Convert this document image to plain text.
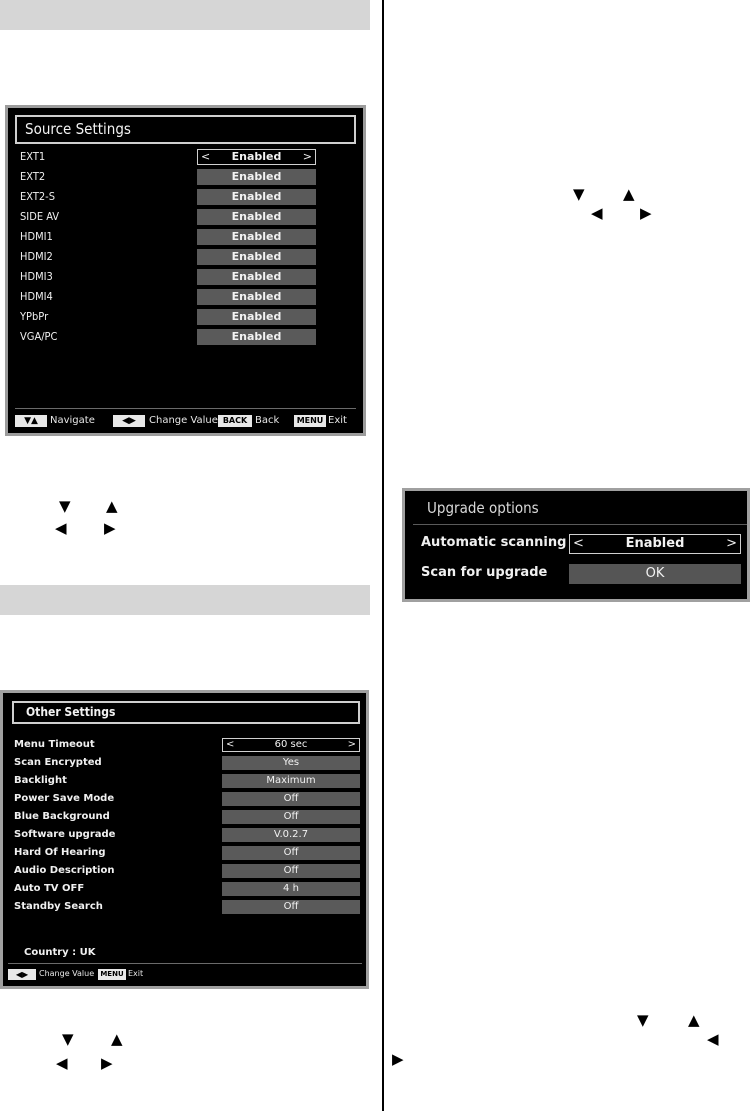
Source Settings
EXT1	< Enabled >
EXT2	Enabled
EXT2-S	Enabled
SIDE AV	Enabled
HDMI1	Enabled
HDMI2	Enabled
HDMI3	Enabled
HDMI4	Enabled
YPbPr	Enabled
VGA/PC	Enabled
▼▲	Navigate	◀▶	Change Value BACK Back	MENU Exit
▼ ▲
◀ ▶
▼	▲
◀ ▶
Upgrade options
Automatic scanning <	Enabled	>
Scan for upgrade	OK
Other Settings
Menu Timeout	<	60 sec	>
Scan Encrypted	Yes
Backlight	Maximum
Power Save Mode	Off
Blue Background	Off
Software upgrade	V.0.2.7
Hard Of Hearing	Off
Audio Description	Off
Auto TV OFF	4 h
Standby Search	Off
Country : UK
◀▶	Change Value MENU Exit
▼ ▲
◀ ▶
▼	▲
◀
▶
